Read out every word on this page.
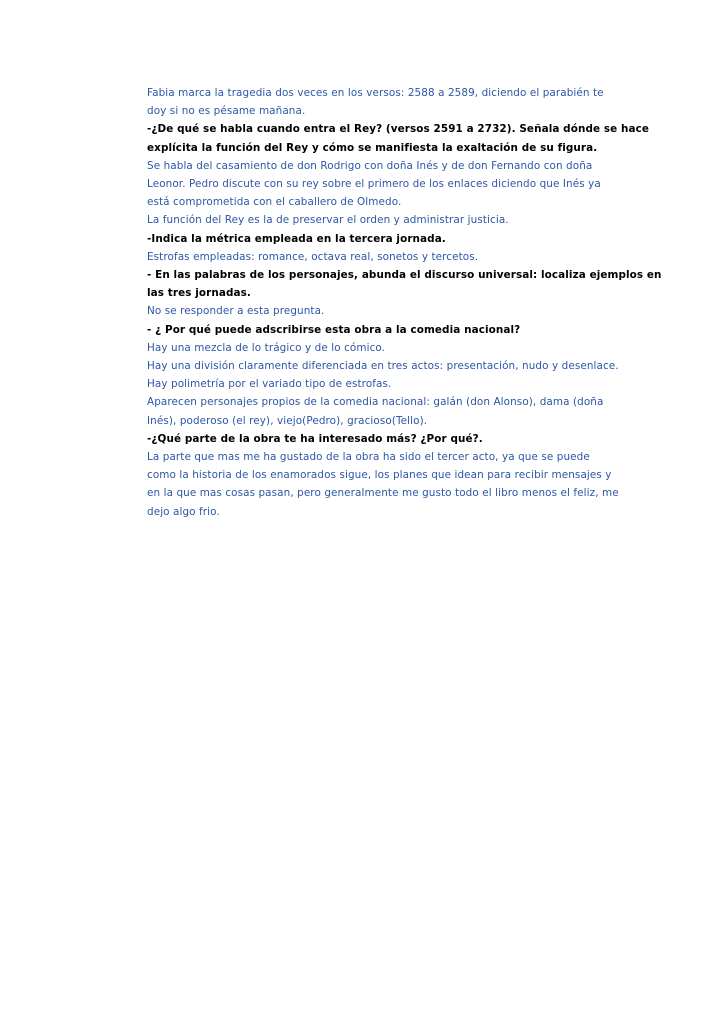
Fabia marca la tragedia dos veces en los versos: 2588 a 2589, diciendo el parabién te
doy si no es pésame mañana.
-¿De qué se habla cuando entra el Rey? (versos 2591 a 2732). Señala dónde se hace
explícita la función del Rey y cómo se manifiesta la exaltación de su figura.
Se habla del casamiento de don Rodrigo con doña Inés y de don Fernando con doña
Leonor. Pedro discute con su rey sobre el primero de los enlaces diciendo que Inés ya
está comprometida con el caballero de Olmedo.
La función del Rey es la de preservar el orden y administrar justicia.
-Indica la métrica empleada en la tercera jornada.
Estrofas empleadas: romance, octava real, sonetos y tercetos.
- En las palabras de los personajes, abunda el discurso universal: localiza ejemplos en
las tres jornadas.
No se responder a esta pregunta.
- ¿ Por qué puede adscribirse esta obra a la comedia nacional?
Hay una mezcla de lo trágico y de lo cómico.
Hay una división claramente diferenciada en tres actos: presentación, nudo y desenlace.
Hay polimetría por el variado tipo de estrofas.
Aparecen personajes propios de la comedia nacional: galán (don Alonso), dama (doña
Inés), poderoso (el rey), viejo(Pedro), gracioso(Tello).
-¿Qué parte de la obra te ha interesado más? ¿Por qué?.
La parte que mas me ha gustado de la obra ha sido el tercer acto, ya que se puede
como la historia de los enamorados sigue, los planes que idean para recibir mensajes y
en la que mas cosas pasan, pero generalmente me gusto todo el libro menos el feliz, me
dejo algo frio.
